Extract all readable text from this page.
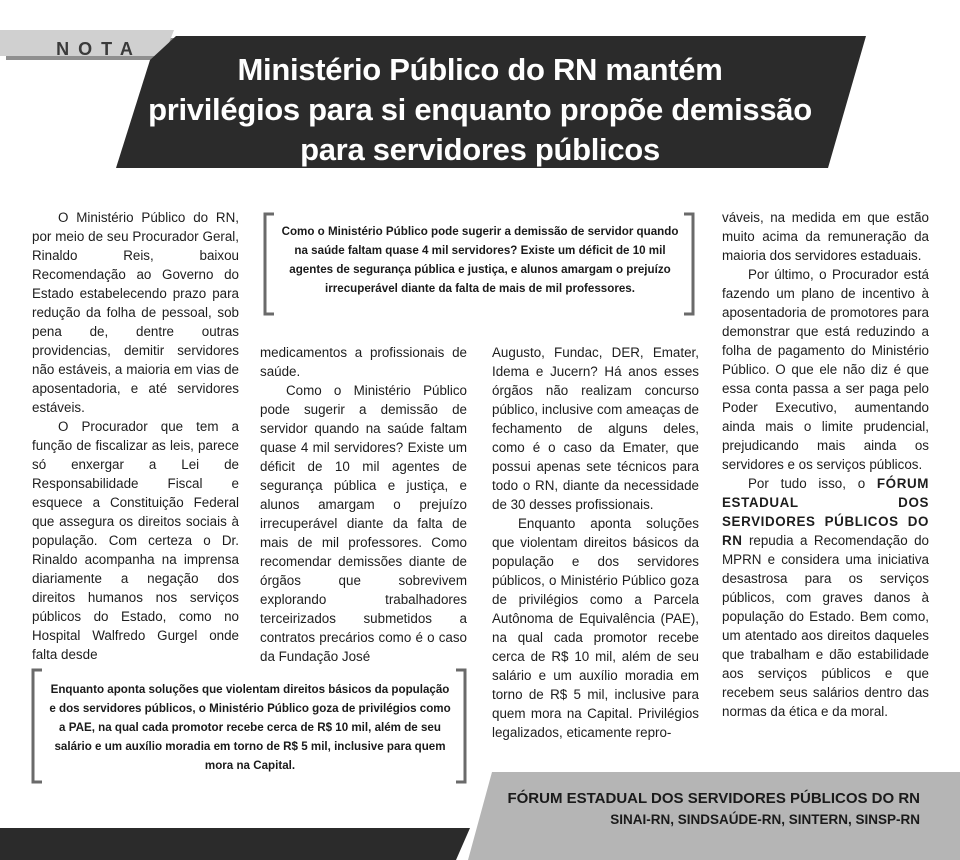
NOTA
Ministério Público do RN mantém
privilégios para si enquanto propõe demissão
para servidores públicos

O Ministério Público do RN, por meio de seu Procurador Geral, Rinaldo Reis, baixou Recomendação ao Governo do Estado estabelecendo prazo para redução da folha de pessoal, sob pena de, dentre outras providencias, demitir servidores não estáveis, a maioria em vias de aposentadoria, e até servidores estáveis.

O Procurador que tem a função de fiscalizar as leis, parece só enxergar a Lei de Responsabilidade Fiscal e esquece a Constituição Federal que assegura os direitos sociais à população. Com certeza o Dr. Rinaldo acompanha na imprensa diariamente a negação dos direitos humanos nos serviços públicos do Estado, como no Hospital Walfredo Gurgel onde falta desde

medicamentos a profissionais de saúde.

Como o Ministério Público pode sugerir a demissão de servidor quando na saúde faltam quase 4 mil servidores? Existe um déficit de 10 mil agentes de segurança pública e justiça, e alunos amargam o prejuízo irrecuperável diante da falta de mais de mil professores. Como recomendar demissões diante de órgãos que sobrevivem explorando trabalhadores terceirizados submetidos a contratos precários como é o caso da Fundação José

Augusto, Fundac, DER, Emater, Idema e Jucern? Há anos esses órgãos não realizam concurso público, inclusive com ameaças de fechamento de alguns deles, como é o caso da Emater, que possui apenas sete técnicos para todo o RN, diante da necessidade de 30 desses profissionais.

Enquanto aponta soluções que violentam direitos básicos da população e dos servidores públicos, o Ministério Público goza de privilégios como a Parcela Autônoma de Equivalência (PAE), na qual cada promotor recebe cerca de R$ 10 mil, além de seu salário e um auxílio moradia em torno de R$ 5 mil, inclusive para quem mora na Capital. Privilégios legalizados, eticamente repro-

váveis, na medida em que estão muito acima da remuneração da maioria dos servidores estaduais.

Por último, o Procurador está fazendo um plano de incentivo à aposentadoria de promotores para demonstrar que está reduzindo a folha de pagamento do Ministério Público. O que ele não diz é que essa conta passa a ser paga pelo Poder Executivo, aumentando ainda mais o limite prudencial, prejudicando mais ainda os servidores e os serviços públicos.

Por tudo isso, o FÓRUM ESTADUAL DOS SERVIDORES PÚBLICOS DO RN repudia a Recomendação do MPRN e considera uma iniciativa desastrosa para os serviços públicos, com graves danos à população do Estado. Bem como, um atentado aos direitos daqueles que trabalham e dão estabilidade aos serviços públicos e que recebem seus salários dentro das normas da ética e da moral.

Como o Ministério Público pode sugerir a demissão de servidor quando
na saúde faltam quase 4 mil servidores? Existe um déficit de 10 mil
agentes de segurança pública e justiça, e alunos amargam o prejuízo
irrecuperável diante da falta de mais de mil professores.
Enquanto aponta soluções que violentam direitos básicos da população
e dos servidores públicos, o Ministério Público goza de privilégios como
a PAE, na qual cada promotor recebe cerca de R$ 10 mil, além de seu
salário e um auxílio moradia em torno de R$ 5 mil, inclusive para quem
mora na Capital.
FÓRUM ESTADUAL DOS SERVIDORES PÚBLICOS DO RN
SINAI-RN, SINDSAÚDE-RN, SINTERN, SINSP-RN
